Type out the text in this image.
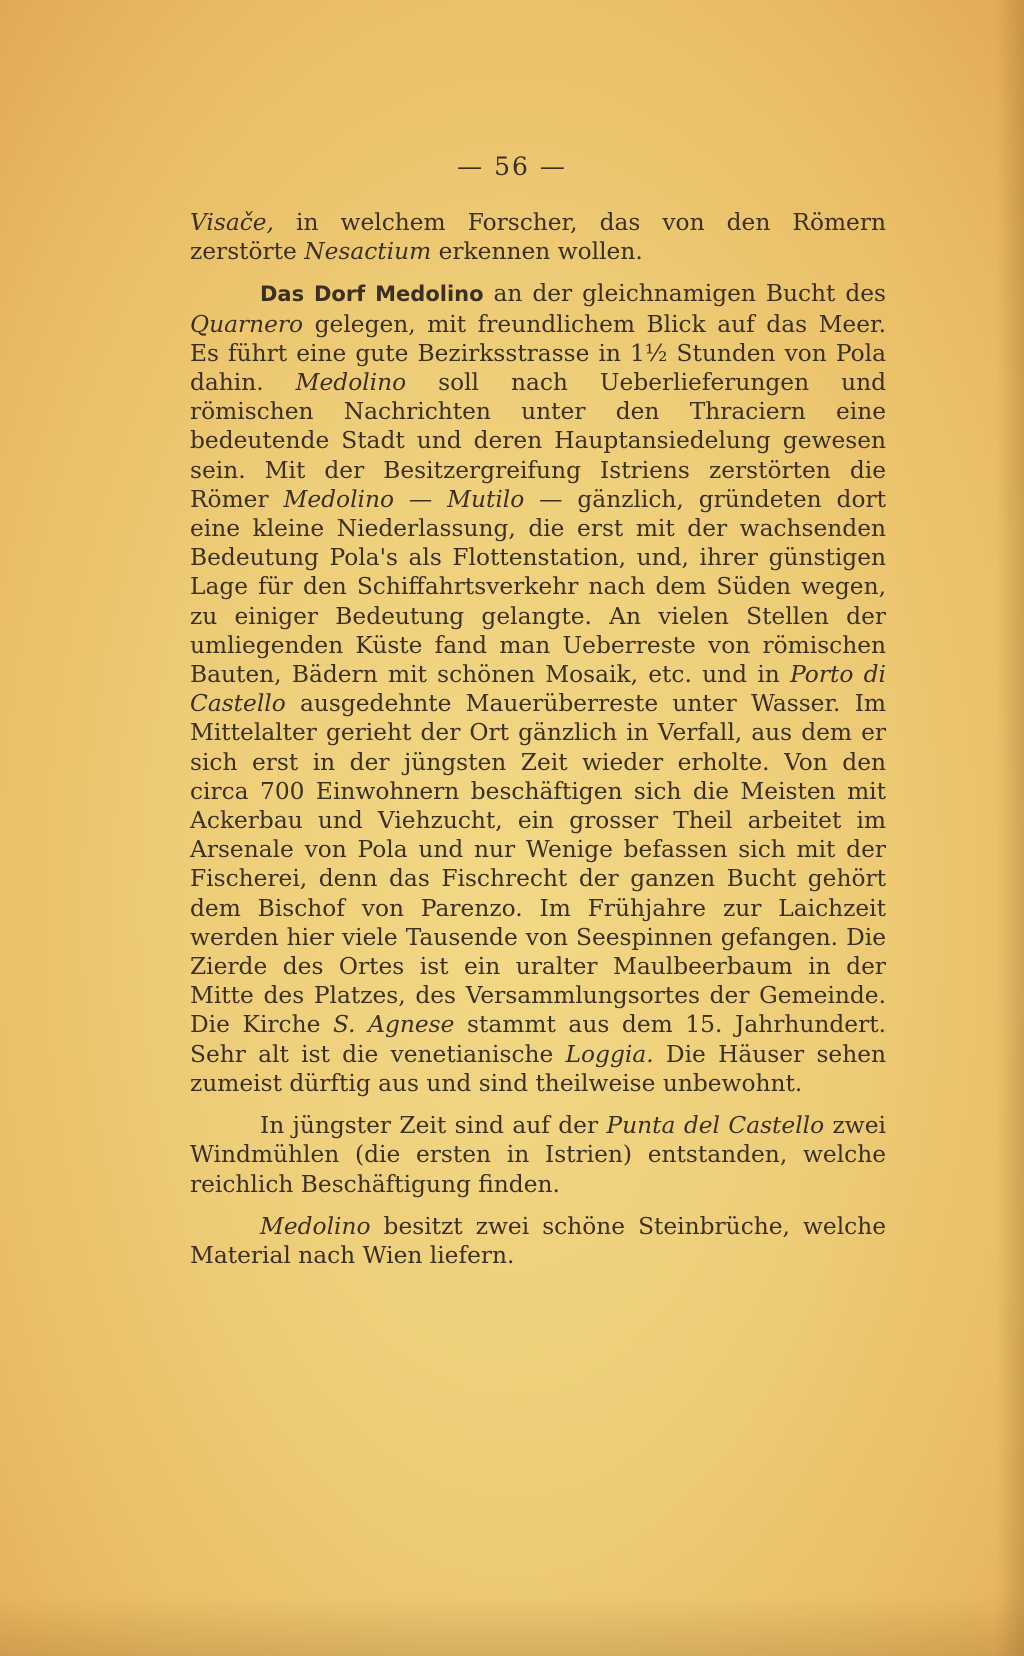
— 56 —

Visače, in welchem Forscher, das von den Römern zerstörte Nesactium erkennen wollen.

Das Dorf Medolino an der gleichnamigen Bucht des Quarnero gelegen, mit freundlichem Blick auf das Meer. Es führt eine gute Bezirksstrasse in 1½ Stunden von Pola dahin. Medolino soll nach Ueberlieferungen und römischen Nachrichten unter den Thraciern eine bedeutende Stadt und deren Hauptansiedelung gewesen sein. Mit der Besitzergreifung Istriens zerstörten die Römer Medolino — Mutilo — gänzlich, gründeten dort eine kleine Niederlassung, die erst mit der wachsenden Bedeutung Pola's als Flottenstation, und, ihrer günstigen Lage für den Schiffahrtsverkehr nach dem Süden wegen, zu einiger Bedeutung gelangte. An vielen Stellen der umliegenden Küste fand man Ueberreste von römischen Bauten, Bädern mit schönen Mosaik, etc. und in Porto di Castello ausgedehnte Mauerüberreste unter Wasser. Im Mittelalter gerieht der Ort gänzlich in Verfall, aus dem er sich erst in der jüngsten Zeit wieder erholte. Von den circa 700 Einwohnern beschäftigen sich die Meisten mit Ackerbau und Viehzucht, ein grosser Theil arbeitet im Arsenale von Pola und nur Wenige befassen sich mit der Fischerei, denn das Fischrecht der ganzen Bucht gehört dem Bischof von Parenzo. Im Frühjahre zur Laichzeit werden hier viele Tausende von Seespinnen gefangen. Die Zierde des Ortes ist ein uralter Maulbeerbaum in der Mitte des Platzes, des Versammlungsortes der Gemeinde. Die Kirche S. Agnese stammt aus dem 15. Jahrhundert. Sehr alt ist die venetianische Loggia. Die Häuser sehen zumeist dürftig aus und sind theilweise unbewohnt.

In jüngster Zeit sind auf der Punta del Castello zwei Windmühlen (die ersten in Istrien) entstanden, welche reichlich Beschäftigung finden.

Medolino besitzt zwei schöne Steinbrüche, welche Material nach Wien liefern.
